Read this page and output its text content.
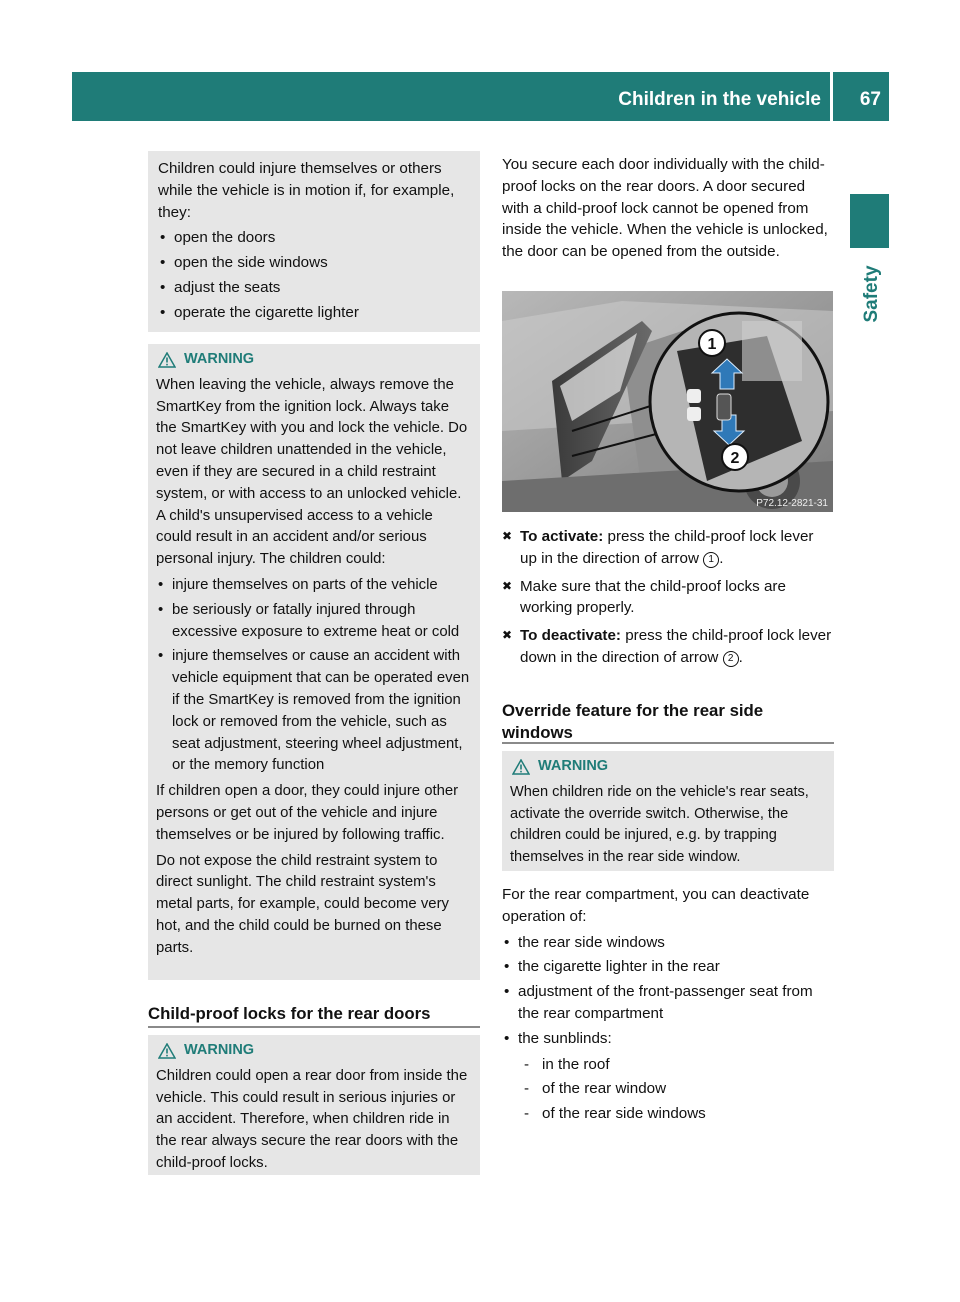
Children in the vehicle 67
Safety

Children could injure themselves or others while the vehicle is in motion if, for example, they:

• open the doors
• open the side windows
• adjust the seats
• operate the cigarette lighter
WARNING

When leaving the vehicle, always remove the SmartKey from the ignition lock. Always take the SmartKey with you and lock the vehicle. Do not leave children unattended in the vehicle, even if they are secured in a child restraint system, or with access to an unlocked vehicle. A child's unsupervised access to a vehicle could result in an accident and/or serious personal injury. The children could:

• injure themselves on parts of the vehicle
• be seriously or fatally injured through excessive exposure to extreme heat or cold
• injure themselves or cause an accident with vehicle equipment that can be operated even if the SmartKey is removed from the ignition lock or removed from the vehicle, such as seat adjustment, steering wheel adjustment, or the memory function

If children open a door, they could injure other persons or get out of the vehicle and injure themselves or be injured by following traffic.

Do not expose the child restraint system to direct sunlight. The child restraint system's metal parts, for example, could become very hot, and the child could be burned on these parts.

Child-proof locks for the rear doors
WARNING

Children could open a rear door from inside the vehicle. This could result in serious injuries or an accident. Therefore, when children ride in the rear always secure the rear doors with the child-proof locks.

You secure each door individually with the child-proof locks on the rear doors. A door secured with a child-proof lock cannot be opened from inside the vehicle. When the vehicle is unlocked, the door can be opened from the outside.

1
2
P72.12-2821-31
✖ To activate: press the child-proof lock lever up in the direction of arrow 1 .
✖ Make sure that the child-proof locks are working properly.
✖ To deactivate: press the child-proof lock lever down in the direction of arrow 2 .
Override feature for the rear side windows
WARNING

When children ride on the vehicle's rear seats, activate the override switch. Otherwise, the children could be injured, e.g. by trapping themselves in the rear side window.

For the rear compartment, you can deactivate operation of:

• the rear side windows
• the cigarette lighter in the rear
• adjustment of the front-passenger seat from the rear compartment
• the sunblinds:
- in the roof
- of the rear window
- of the rear side windows
